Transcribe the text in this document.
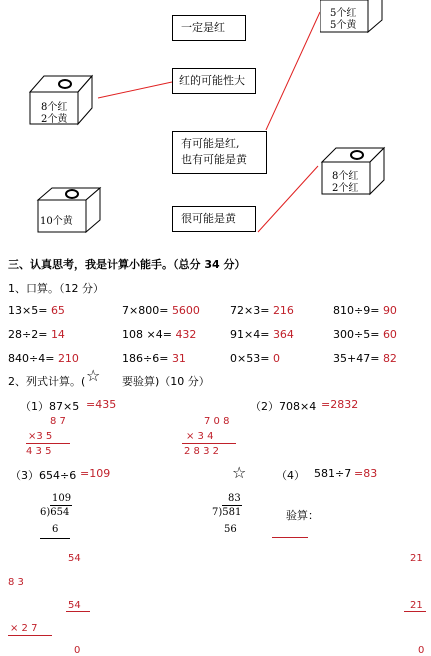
一定是红
红的可能性大
有可能是红,
也有可能是黄
很可能是黄
8个红
2个黄
10个黄
5个红
5个黄
8个红
2个红
三、认真思考，我是计算小能手。（总分 34 分）
1、口算。（12 分）
13×5= 65	7×800= 5600	72×3= 216	810÷9= 90
28÷2= 14	108 ×4= 432	91×4= 364	300÷5= 60
840÷4= 210	186÷6= 31	0×53= 0	35+47= 82
2、列式计算。( ☆ 要验算)（10 分）
（1）87×5 =435
8 7
×3 5
4 3 5
（2）708×4 =2832
7 0 8
× 3 4
2 8 3 2
（3）654÷6 =109
109
6)654
6
☆	（4） 581÷7 =83
83
7)581
56
验算：
54
8 3
54
× 2 7
0
21
21
0
